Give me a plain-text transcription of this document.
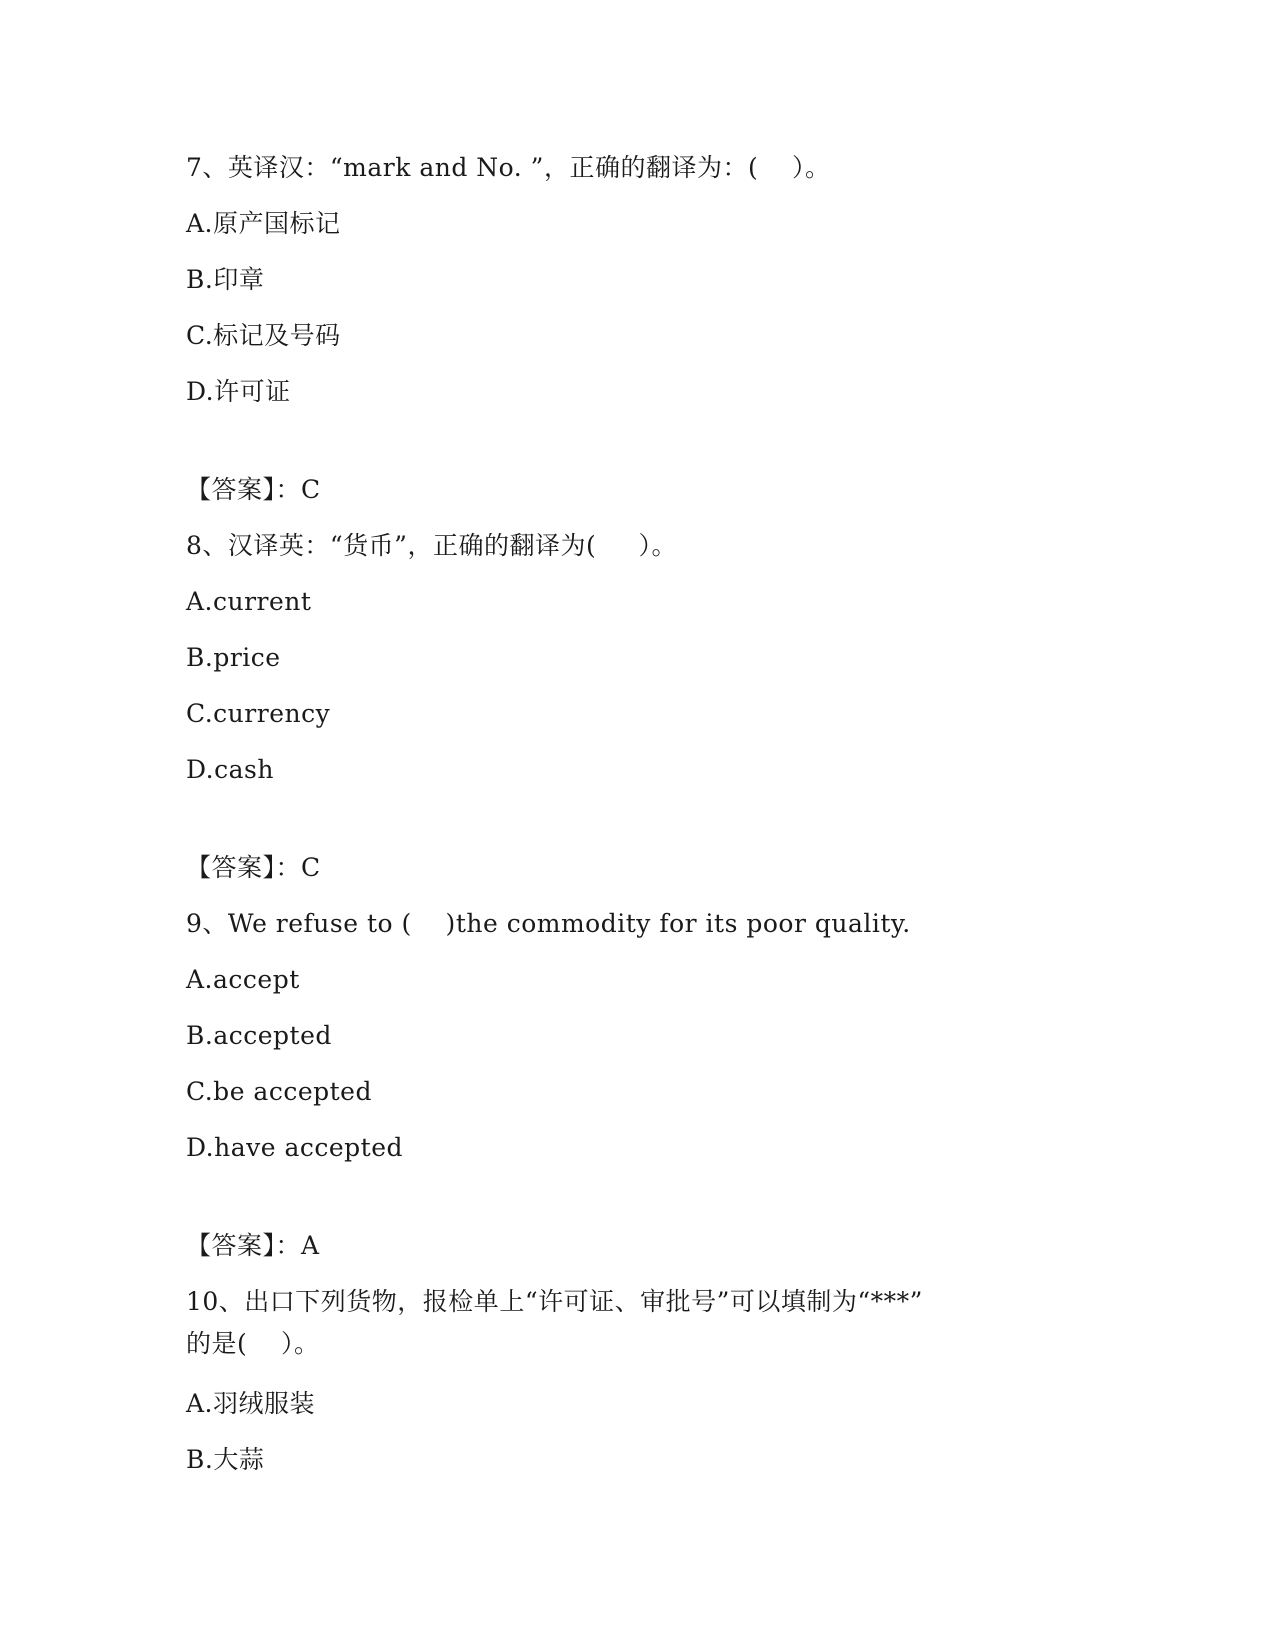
7、英译汉：“mark and No. ”，正确的翻译为：(    ）。

A.原产国标记

B.印章

C.标记及号码

D.许可证

【答案】：C

8、汉译英：“货币”，正确的翻译为(     ）。

A.current

B.price

C.currency

D.cash

【答案】：C

9、We refuse to (    )the commodity for its poor quality.

A.accept

B.accepted

C.be accepted

D.have accepted

【答案】：A

10、出口下列货物，报检单上“许可证、审批号”可以填制为“***”

的是(    ）。

A.羽绒服装

B.大蒜
